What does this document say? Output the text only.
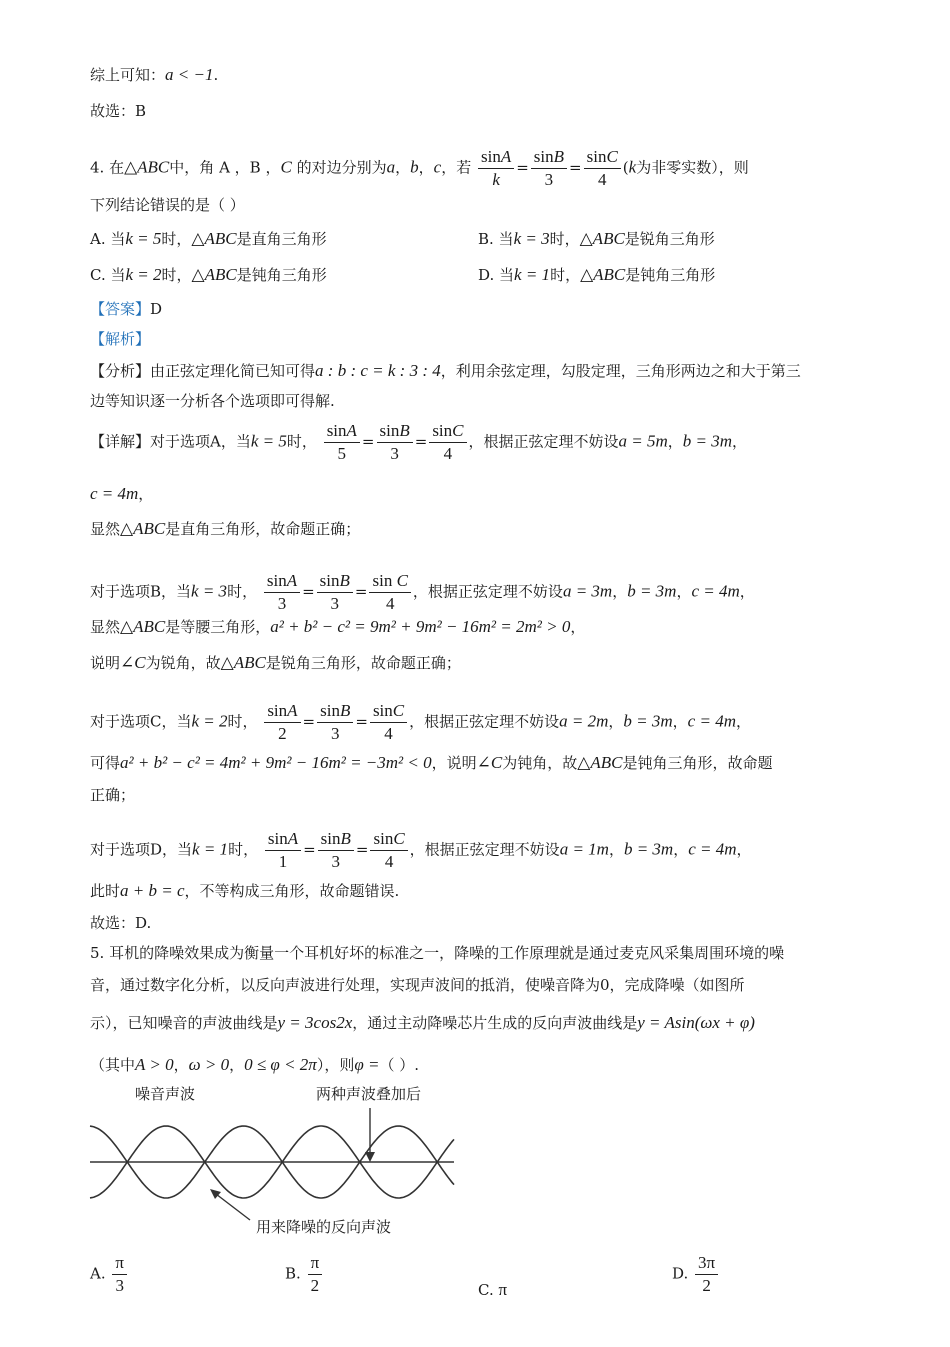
综上可知：a < −1.
故选：B
4. 在△ABC中，角 A ，B ，C 的对边分别为a，b，c，若 $\frac{\sin A}{k} = \frac{\sin B}{3} = \frac{\sin C}{4} (k$为非零实数），则
下列结论错误的是（ ）
A. 当k = 5时，△ABC是直角三角形	B. 当k = 3时，△ABC是锐角三角形
C. 当k = 2时，△ABC是钝角三角形	D. 当k = 1时，△ABC是钝角三角形
【答案】D
【解析】
【分析】由正弦定理化简已知可得a : b : c = k : 3 : 4，利用余弦定理，勾股定理，三角形两边之和大于第三
边等知识逐一分析各个选项即可得解.
【详解】对于选项A，当k = 5时， $\frac{\sin A}{5} = \frac{\sin B}{3} = \frac{\sin C}{4}$ ，根据正弦定理不妨设a = 5m，b = 3m，
c = 4m，
显然△ABC是直角三角形，故命题正确；
对于选项B，当k = 3时， $\frac{\sin A}{3} = \frac{\sin B}{3} = \frac{\text{sin C}}{4}$ ，根据正弦定理不妨设a = 3m，b = 3m，c = 4m，
显然△ABC是等腰三角形，a² + b² − c² = 9m² + 9m² − 16m² = 2m² > 0，
说明∠C为锐角，故△ABC是锐角三角形，故命题正确；
对于选项C，当k = 2时， $\frac{\sin A}{2} = \frac{\sin B}{3} = \frac{\sin C}{4}$ ，根据正弦定理不妨设a = 2m，b = 3m，c = 4m，
可得a² + b² − c² = 4m² + 9m² − 16m² = −3m² < 0，说明∠C为钝角，故△ABC是钝角三角形，故命题
正确；
对于选项D，当k = 1时， $\frac{\sin A}{1} = \frac{\sin B}{3} = \frac{\sin C}{4}$ ，根据正弦定理不妨设a = 1m，b = 3m，c = 4m，
此时a + b = c，不等构成三角形，故命题错误.
故选：D.
5. 耳机的降噪效果成为衡量一个耳机好坏的标准之一，降噪的工作原理就是通过麦克风采集周围环境的噪
音，通过数字化分析，以反向声波进行处理，实现声波间的抵消，使噪音降为0，完成降噪（如图所
示），已知噪音的声波曲线是y = 3cos2x，通过主动降噪芯片生成的反向声波曲线是y = Asin(ωx + φ)
（其中A > 0，ω > 0，0 ≤ φ < 2π），则φ =（ ）.
噪音声波	两种声波叠加后
用来降噪的反向声波
A. $\frac{\pi}{3}$	B. $\frac{\pi}{2}$	C. π
D. $\frac{3\pi}{2}$
